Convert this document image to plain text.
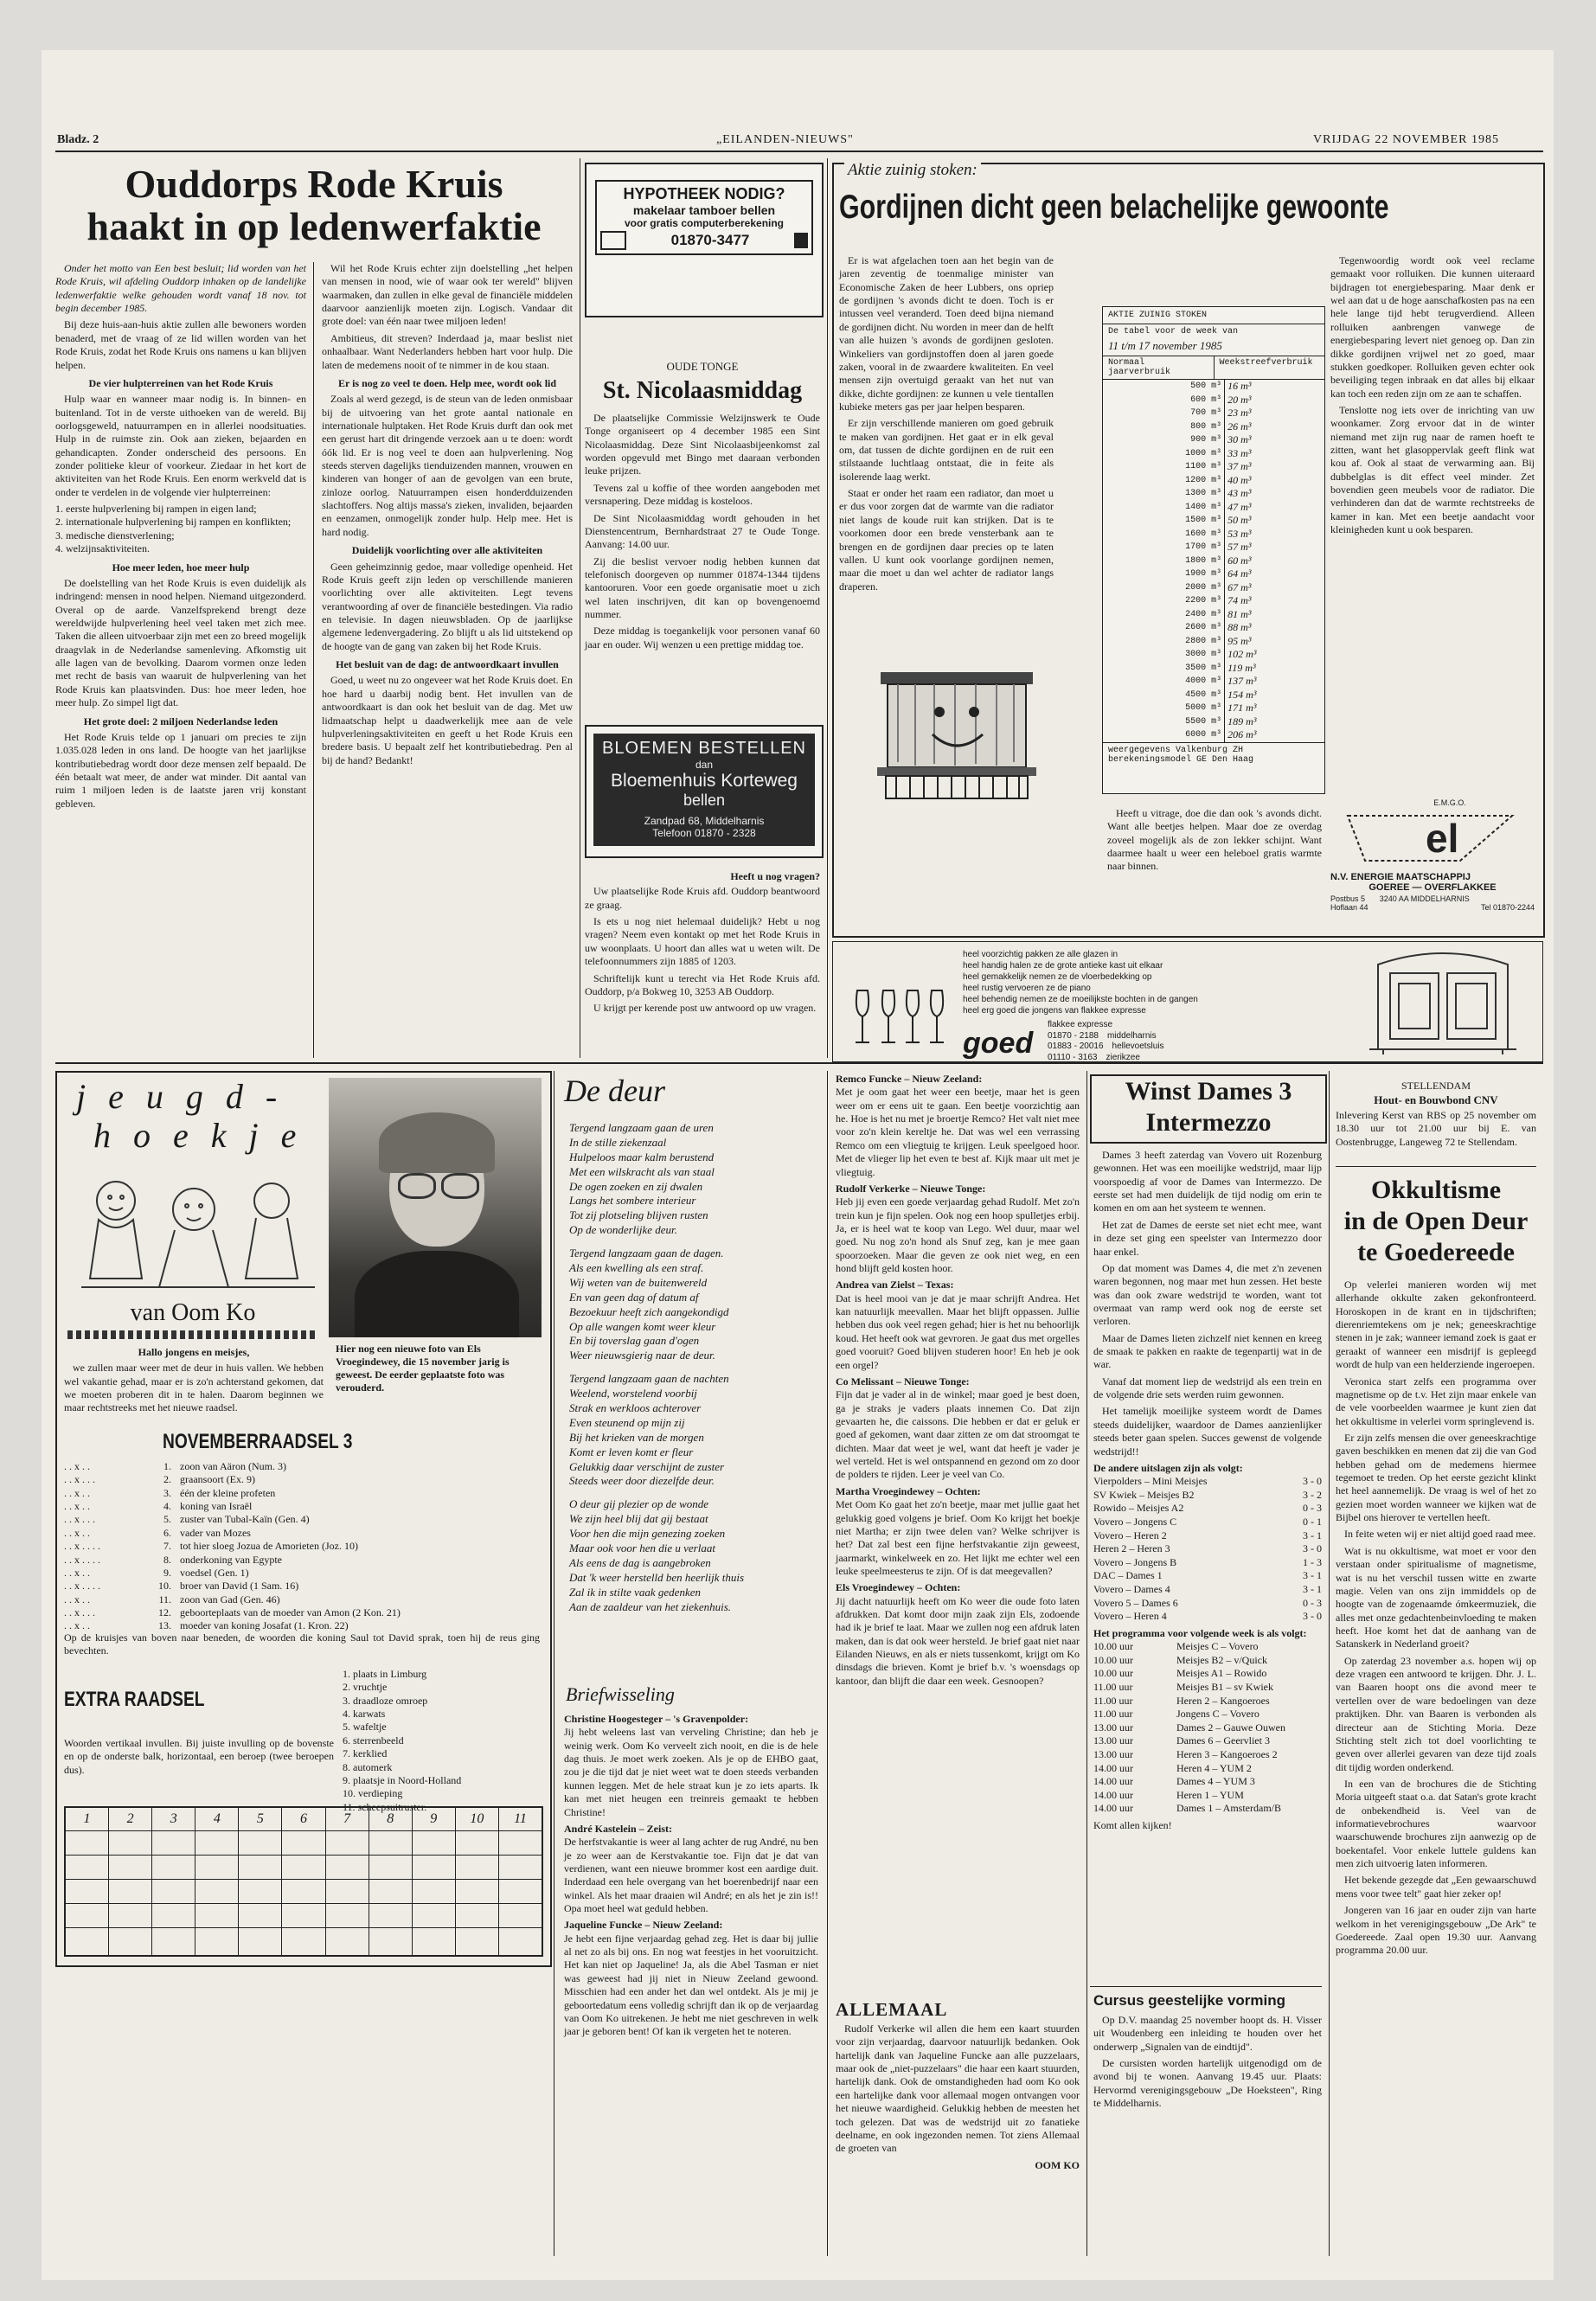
Bladz. 2	„EILANDEN-NIEUWS"	VRIJDAG 22 NOVEMBER 1985
Ouddorps Rode Kruis
haakt in op ledenwerfaktie

Onder het motto van Een best besluit; lid worden van het Rode Kruis, wil afdeling Ouddorp inhaken op de landelijke ledenwerfaktie welke gehouden wordt vanaf 18 nov. tot begin december 1985.

Bij deze huis-aan-huis aktie zullen alle bewoners worden benaderd, met de vraag of ze lid willen worden van het Rode Kruis, zodat het Rode Kruis ons namens u kan blijven helpen.

De vier hulpterreinen van het Rode Kruis

Hulp waar en wanneer maar nodig is. In binnen- en buitenland. Tot in de verste uithoeken van de wereld. Bij oorlogsgeweld, natuurrampen en in allerlei noodsituaties. Hulp in de ruimste zin. Ook aan zieken, bejaarden en gehandicapten. Zonder onderscheid des persoons. En zonder politieke kleur of voorkeur. Ziedaar in het kort de aktiviteiten van het Rode Kruis. Een enorm werkveld dat is onder te verdelen in de volgende vier hulpterreinen:

1. eerste hulpverlening bij rampen in eigen land;
2. internationale hulpverlening bij rampen en konflikten;
3. medische dienstverlening;
4. welzijnsaktiviteiten.
Hoe meer leden, hoe meer hulp

De doelstelling van het Rode Kruis is even duidelijk als indringend: mensen in nood helpen. Niemand uitgezonderd. Overal op de aarde. Vanzelfsprekend brengt deze wereldwijde hulpverlening heel veel taken met zich mee. Taken die alleen uitvoerbaar zijn met een zo breed mogelijk draagvlak in de Nederlandse samenleving. Afkomstig uit alle lagen van de bevolking. Daarom vormen onze leden met recht de basis van waaruit de hulpverlening van het Rode Kruis kan plaatsvinden. Dus: hoe meer leden, hoe meer hulp. Zo simpel ligt dat.

Het grote doel: 2 miljoen Nederlandse leden

Het Rode Kruis telde op 1 januari om precies te zijn 1.035.028 leden in ons land. De hoogte van het jaarlijkse kontributiebedrag wordt door deze mensen zelf bepaald. De één betaalt wat meer, de ander wat minder. Dit aantal van ruim 1 miljoen leden is de laatste jaren vrij konstant gebleven.

Wil het Rode Kruis echter zijn doelstelling „het helpen van mensen in nood, wie of waar ook ter wereld" blijven waarmaken, dan zullen in elke geval de financiële middelen daarvoor aanzienlijk moeten zijn. Logisch. Vandaar dit grote doel: van één naar twee miljoen leden!

Ambitieus, dit streven? Inderdaad ja, maar beslist niet onhaalbaar. Want Nederlanders hebben hart voor hulp. Die laten de medemens nooit of te nimmer in de kou staan.

Er is nog zo veel te doen. Help mee, wordt ook lid

Zoals al werd gezegd, is de steun van de leden onmisbaar bij de uitvoering van het grote aantal nationale en internationale hulptaken. Het Rode Kruis durft dan ook met een gerust hart dit dringende verzoek aan u te doen: wordt óók lid. Er is nog veel te doen aan hulpverlening. Nog steeds sterven dagelijks tienduizenden mannen, vrouwen en kinderen van honger of aan de gevolgen van een brute, zinloze oorlog. Natuurrampen eisen honderdduizenden slachtoffers. Nog altijs massa's zieken, invaliden, bejaarden en eenzamen, onmogelijk zonder hulp. Help mee. Het is hard nodig.

Duidelijk voorlichting over alle aktiviteiten

Geen geheimzinnig gedoe, maar volledige openheid. Het Rode Kruis geeft zijn leden op verschillende manieren voorlichting over alle aktiviteiten. Legt tevens verantwoording af over de financiële bestedingen. Via radio en televisie. In dagen nieuwsbladen. Op de jaarlijkse algemene ledenvergadering. Zo blijft u als lid uitstekend op de hoogte van de gang van zaken bij het Rode Kruis.

Het besluit van de dag: de antwoordkaart invullen

Goed, u weet nu zo ongeveer wat het Rode Kruis doet. En hoe hard u daarbij nodig bent. Het invullen van de antwoordkaart is dan ook het besluit van de dag. Met uw lidmaatschap helpt u daadwerkelijk mee aan de vele hulpverleningsaktiviteiten en geeft u het Rode Kruis een bredere basis. U bepaalt zelf het kontributiebedrag. Pen al bij de hand? Bedankt!

HYPOTHEEK NODIG?
makelaar tamboer bellen
voor gratis computerberekening
01870-3477
OUDE TONGE
St. Nicolaasmiddag

De plaatselijke Commissie Welzijnswerk te Oude Tonge organiseert op 4 december 1985 een Sint Nicolaasmiddag. Deze Sint Nicolaasbijeenkomst zal worden opgevuld met Bingo met daaraan verbonden leuke prijzen.

Tevens zal u koffie of thee worden aangeboden met versnapering. Deze middag is kosteloos.

De Sint Nicolaasmiddag wordt gehouden in het Dienstencentrum, Bernhardstraat 27 te Oude Tonge. Aanvang: 14.00 uur.

Zij die beslist vervoer nodig hebben kunnen dat telefonisch doorgeven op nummer 01874-1344 tijdens kantooruren. Voor een goede organisatie moet u zich wel laten inschrijven, dit kan op bovengenoemd nummer.

Deze middag is toegankelijk voor personen vanaf 60 jaar en ouder. Wij wenzen u een prettige middag toe.

BLOEMEN BESTELLEN
dan
Bloemenhuis Korteweg
bellen
Zandpad 68, Middelharnis
Telefoon 01870 - 2328
Heeft u nog vragen?

Uw plaatselijke Rode Kruis afd. Ouddorp beantwoord ze graag.

Is ets u nog niet helemaal duidelijk? Hebt u nog vragen? Neem even kontakt op met het Rode Kruis in uw woonplaats. U hoort dan alles wat u weten wilt. De telefoonnummers zijn 1885 of 1203.

Schriftelijk kunt u terecht via Het Rode Kruis afd. Ouddorp, p/a Bokweg 10, 3253 AB Ouddorp.

U krijgt per kerende post uw antwoord op uw vragen.

Aktie zuinig stoken:
Gordijnen dicht geen belachelijke gewoonte

Er is wat afgelachen toen aan het begin van de jaren zeventig de toenmalige minister van Economische Zaken de heer Lubbers, ons opriep de gordijnen 's avonds dicht te doen. Toch is er intussen veel veranderd. Toen deed bijna niemand de gordijnen dicht. Nu worden in meer dan de helft van alle huizen 's avonds de gordijnen gesloten. Winkeliers van gordijnstoffen doen al jaren goede zaken, vooral in de zwaardere kwaliteiten. En veel mensen zijn overtuigd geraakt van het nut van dikke, dichte gordijnen: ze kunnen u vele tientallen kubieke meters gas per jaar helpen besparen.

Er zijn verschillende manieren om goed gebruik te maken van gordijnen. Het gaat er in elk geval om, dat tussen de dichte gordijnen en de ruit een stilstaande luchtlaag ontstaat, die in feite als isolerende laag werkt.

Staat er onder het raam een radiator, dan moet u er dus voor zorgen dat de warmte van die radiator niet langs de koude ruit kan strijken. Dat is te voorkomen door een brede vensterbank aan te brengen en de gordijnen daar precies op te laten vallen. U kunt ook voorlange gordijnen nemen, maar die moet u dan wel achter de radiator langs draperen.

Heeft u vitrage, doe die dan ook 's avonds dicht. Want alle beetjes helpen. Maar doe ze overdag zoveel mogelijk als de zon lekker schijnt. Want daarmee haalt u weer een heleboel gratis warmte naar binnen.

AKTIE ZUINIG STOKEN
De tabel voor de week van
11 t/m 17 november 1985
Normaal jaarverbruik
Weekstreefverbruik
500 m³	16 m³
600 m³	20 m³
700 m³	23 m³
800 m³	26 m³
900 m³	30 m³
1000 m³	33 m³
1100 m³	37 m³
1200 m³	40 m³
1300 m³	43 m³
1400 m³	47 m³
1500 m³	50 m³
1600 m³	53 m³
1700 m³	57 m³
1800 m³	60 m³
1900 m³	64 m³
2000 m³	67 m³
2200 m³	74 m³
2400 m³	81 m³
2600 m³	88 m³
2800 m³	95 m³
3000 m³	102 m³
3500 m³	119 m³
4000 m³	137 m³
4500 m³	154 m³
5000 m³	171 m³
5500 m³	189 m³
6000 m³	206 m³
weergegevens Valkenburg ZH
berekeningsmodel GE Den Haag

Tegenwoordig wordt ook veel reclame gemaakt voor rolluiken. Die kunnen uiteraard bijdragen tot energiebesparing. Maar denk er wel aan dat u de hoge aanschafkosten pas na een hele lange tijd hebt terugverdiend. Alleen rolluiken aanbrengen vanwege de energiebesparing levert niet genoeg op. Dan zin dikke gordijnen vrijwel net zo goed, maar stukken goedkoper. Rolluiken geven echter ook beveiliging tegen inbraak en dat alles bij elkaar kan toch een reden zijn om ze aan te schaffen.

Tenslotte nog iets over de inrichting van uw woonkamer. Zorg ervoor dat in de winter niemand met zijn rug naar de ramen hoeft te zitten, want het glasoppervlak geeft flink wat kou af. Ook al staat de verwarming aan. Bij dubbelglas is dit effect veel minder. Zet bovendien geen meubels voor de radiator. Die verhinderen dan dat de warmte rechtstreeks de kamer in kan. Met een beetje aandacht voor kleinigheden kunt u ook besparen.

E.M.G.O.
el
N.V. ENERGIE MAATSCHAPPIJ
GOEREE — OVERFLAKKEE
Postbus 5
Hoflaan 44
3240 AA MIDDELHARNIS
Tel 01870-2244
heel voorzichtig pakken ze alle glazen in
heel handig halen ze de grote antieke kast uit elkaar
heel gemakkelijk nemen ze de vloerbedekking op
heel rustig vervoeren ze de piano
heel behendig nemen ze de moeilijkste bochten in de gangen
heel erg goed die jongens van flakkee expresse
goed
flakkee expresse
01870 - 2188 middelharnis
01883 - 20016 hellevoetsluis
01110 - 3163 zierikzee
j e u g d -
h o e k j e
van Oom Ko
Hallo jongens en meisjes,

we zullen maar weer met de deur in huis vallen. We hebben wel vakantie gehad, maar er is zo'n achterstand gekomen, dat we moeten proberen dit in te halen. Daarom beginnen we maar rechtstreeks met het nieuwe raadsel.

Hier nog een nieuwe foto van Els Vroegindewey, die 15 november jarig is geweest. De eerder geplaatste foto was verouderd.
NOVEMBERRAADSEL 3
. . x . .	1. zoon van Aäron (Num. 3)
. . x . . .	2. graansoort (Ex. 9)
. . x . .	3. één der kleine profeten
. . x . .	4. koning van Israël
. . x . . .	5. zuster van Tubal-Kaïn (Gen. 4)
. . x . .	6. vader van Mozes
. . x . . . .	7. tot hier sloeg Jozua de Amorieten (Joz. 10)
. . x . . . .	8. onderkoning van Egypte
. . x . .	9. voedsel (Gen. 1)
. . x . . . .	10. broer van David (1 Sam. 16)
. . x . .	11. zoon van Gad (Gen. 46)
. . x . . .	12. geboorteplaats van de moeder van Amon (2 Kon. 21)
. . x . .	13. moeder van koning Josafat (1. Kron. 22)
Op de kruisjes van boven naar beneden, de woorden die koning Saul tot David sprak, toen hij de reus ging bevechten.
EXTRA RAADSEL
Woorden vertikaal invullen. Bij juiste invulling op de bovenste en op de onderste balk, horizontaal, een beroep (twee beroepen dus).
1. plaats in Limburg
2. vruchtje
3. draadloze omroep
4. karwats
5. wafeltje
6. sterrenbeeld
7. kerklied
8. automerk
9. plaatsje in Noord-Holland
10. verdieping
11. scheepsuitruster.
1	2	3	4	5	6	7	8	9	10	11
De deur

Tergend langzaam gaan de uren
In de stille ziekenzaal
Hulpeloos maar kalm berustend
Met een wilskracht als van staal
De ogen zoeken en zij dwalen
Langs het sombere interieur
Tot zij plotseling blijven rusten
Op de wonderlijke deur.

Tergend langzaam gaan de dagen.
Als een kwelling als een straf.
Wij weten van de buitenwereld
En van geen dag of datum af
Bezoekuur heeft zich aangekondigd
Op alle wangen komt weer kleur
En bij toverslag gaan d'ogen
Weer nieuwsgierig naar de deur.

Tergend langzaam gaan de nachten
Weelend, worstelend voorbij
Strak en werkloos achterover
Even steunend op mijn zij
Bij het krieken van de morgen
Komt er leven komt er fleur
Gelukkig daar verschijnt de zuster
Steeds weer door diezelfde deur.

O deur gij plezier op de wonde
We zijn heel blij dat gij bestaat
Voor hen die mijn genezing zoeken
Maar ook voor hen die u verlaat
Als eens de dag is aangebroken
Dat 'k weer herstelld ben heerlijk thuis
Zal ik in stilte vaak gedenken
Aan de zaaldeur van het ziekenhuis.

Briefwisseling
Christine Hoogesteger – 's Gravenpolder:

Jij hebt weleens last van verveling Christine; dan heb je weinig werk. Oom Ko verveelt zich nooit, en die is de hele dag thuis. Je moet werk zoeken. Als je op de EHBO gaat, zou je die tijd dat je niet weet wat te doen steeds verbanden kunnen leggen. Met de hele straat kun je zo iets aparts. Ik kan met niet heugen een treinreis gemaakt te hebben Christine!

André Kastelein – Zeist:

De herfstvakantie is weer al lang achter de rug André, nu ben je zo weer aan de Kerstvakantie toe. Fijn dat je dat van verdienen, want een nieuwe brommer kost een aardige duit. Inderdaad een hele overgang van het boerenbedrijf naar een winkel. Als het maar draaien wil André; en als het je zin is!! Opa moet heel wat geduld hebben.

Jaqueline Funcke – Nieuw Zeeland:

Je hebt een fijne verjaardag gehad zeg. Het is daar bij jullie al net zo als bij ons. En nog wat feestjes in het vooruitzicht. Het kan niet op Jaqueline! Ja, als die Abel Tasman er niet was geweest had jij niet in Nieuw Zeeland gewoond. Misschien had een ander het dan wel ontdekt. Als je mij je geboortedatum eens volledig schrijft dan ik op de verjaardag van Oom Ko uitrekenen. Je hebt me niet geschreven in welk jaar je geboren bent! Of kan ik vergeten het te noteren.

Remco Funcke – Nieuw Zeeland:

Met je oom gaat het weer een beetje, maar het is geen weer om er eens uit te gaan. Een beetje voorzichtig aan he. Hoe is het nu met je broertje Remco? Het valt niet mee voor zo'n klein kereltje he. Dat was wel een verrassing Remco om een vliegtuig te krijgen. Leuk speelgoed hoor. Met de vlieger lip het even te best af. Kijk maar uit met je vliegtuig.

Rudolf Verkerke – Nieuwe Tonge:

Heb jij even een goede verjaardag gehad Rudolf. Met zo'n trein kun je fijn spelen. Ook nog een hoop spulletjes erbij. Ja, er is heel wat te koop van Lego. Wel duur, maar wel goed. Nu nog zo'n hond als Snuf zeg, kan je mee gaan spoorzoeken. Maar die geven ze ook niet weg, en een hond blijft geld kosten hoor.

Andrea van Zielst – Texas:

Dat is heel mooi van je dat je maar schrijft Andrea. Het kan natuurlijk meevallen. Maar het blijft oppassen. Jullie hebben dus ook veel regen gehad; hier is het nu behoorlijk koud. Het heeft ook wat gevroren. Je gaat dus met orgelles goed vooruit? Goed blijven studeren hoor! En heb je ook een orgel?

Co Melissant – Nieuwe Tonge:

Fijn dat je vader al in de winkel; maar goed je best doen, ga je straks je vaders plaats innemen Co. Dat zijn gevaarten he, die caissons. Die hebben er dat er geluk er goed af gekomen, want daar zitten ze om dat stroomgat te dichten. Maar dat weet je wel, want dat heeft je vader je wel verteld. Het is wel ontspannend en gezond om zo door de polders te rijden. Leer je veel van Co.

Martha Vroegindewey – Ochten:

Met Oom Ko gaat het zo'n beetje, maar met jullie gaat het gelukkig goed volgens je brief. Oom Ko krijgt het boekje niet Martha; er zijn twee delen van? Welke schrijver is het? Dat zal best een fijne herfstvakantie zijn geweest, jaarmarkt, winkelweek en zo. Het lijkt me echter wel een leuke speelmeesterus te zijn. Of is dat meegevallen?

Els Vroegindewey – Ochten:

Jij dacht natuurlijk heeft om Ko weer die oude foto laten afdrukken. Dat komt door mijn zaak zijn Els, zodoende had ik je brief te laat. Maar we zullen nog een afdruk laten maken, dan is dat ook weer hersteld. Je brief gaat niet naar Eilanden Nieuws, en als er niets tussenkomt, krijgt om Ko dinsdags die brieven. Komt je brief b.v. 's woensdags op kantoor, dan blijft die daar een week. Gesnoopen?

ALLEMAAL

Rudolf Verkerke wil allen die hem een kaart stuurden voor zijn verjaardag, daarvoor natuurlijk bedanken. Ook hartelijk dank van Jaqueline Funcke aan alle puzzelaars, maar ook de „niet-puzzelaars" die haar een kaart stuurden, hartelijk dank. Ook de omstandigheden had oom Ko ook een hartelijke dank voor allemaal mogen ontvangen voor het nieuwe waardigheid. Gelukkig hebben de meesten het toch gelezen. Dat was de wedstrijd uit zo fanatieke deelname, en ook ingezonden nemen. Tot ziens Allemaal de groeten van

OOM KO
Winst Dames 3
Intermezzo

Dames 3 heeft zaterdag van Vovero uit Rozenburg gewonnen. Het was een moeilijke wedstrijd, maar lijp voorspoedig af voor de Dames van Intermezzo. De eerste set had men duidelijk de tijd nodig om erin te komen en om aan het systeem te wennen.

Het zat de Dames de eerste set niet echt mee, want in deze set ging een speelster van Intermezzo door haar enkel.

Op dat moment was Dames 4, die met z'n zevenen waren begonnen, nog maar met hun zessen. Het beste was dan ook zware wedstrijd te worden, want tot overmaat van ramp werd ook nog de eerste set verloren.

Maar de Dames lieten zichzelf niet kennen en kreeg de smaak te pakken en raakte de tegenpartij wat in de war.

Vanaf dat moment liep de wedstrijd als een trein en de volgende drie sets werden ruim gewonnen.

Het tamelijk moeilijke systeem wordt de Dames steeds duidelijker, waardoor de Dames aanzienlijker steeds beter gaan spelen. Succes gewenst de volgende wedstrijd!!

De andere uitslagen zijn als volgt:
Vierpolders – Mini Meisjes	3 - 0
SV Kwiek – Meisjes B2	3 - 2
Rowido – Meisjes A2	0 - 3
Vovero – Jongens C	0 - 1
Vovero – Heren 2	3 - 1
Heren 2 – Heren 3	3 - 0
Vovero – Jongens B	1 - 3
DAC – Dames 1	3 - 1
Vovero – Dames 4	3 - 1
Vovero 5 – Dames 6	0 - 3
Vovero – Heren 4	3 - 0
Het programma voor volgende week is als volgt:
10.00 uur	Meisjes C – Vovero
10.00 uur	Meisjes B2 – v/Quick
10.00 uur	Meisjes A1 – Rowido
11.00 uur	Meisjes B1 – sv Kwiek
11.00 uur	Heren 2 – Kangoeroes
11.00 uur	Jongens C – Vovero
13.00 uur	Dames 2 – Gauwe Ouwen
13.00 uur	Dames 6 – Geervliet 3
13.00 uur	Heren 3 – Kangoeroes 2
14.00 uur	Heren 4 – YUM 2
14.00 uur	Dames 4 – YUM 3
14.00 uur	Heren 1 – YUM
14.00 uur	Dames 1 – Amsterdam/B
Komt allen kijken!
Cursus geestelijke vorming

Op D.V. maandag 25 november hoopt ds. H. Visser uit Woudenberg een inleiding te houden over het onderwerp „Signalen van de eindtijd".

De cursisten worden hartelijk uitgenodigd om de avond bij te wonen. Aanvang 19.45 uur. Plaats: Hervormd verenigingsgebouw „De Hoeksteen", Ring te Middelharnis.

STELLENDAM
Hout- en Bouwbond CNV
Inlevering Kerst van RBS op 25 november om 18.30 uur tot 21.00 uur bij E. van Oostenbrugge, Langeweg 72 te Stellendam.
Okkultisme
in de Open Deur
te Goedereede

Op velerlei manieren worden wij met allerhande okkulte zaken gekonfronteerd. Horoskopen in de krant en in tijdschriften; dierenriemtekens om je nek; geneeskrachtige stenen in je zak; wanneer iemand zoek is gaat er geraakt of wanneer een misdrijf is gepleegd wordt de hulp van een helderziende ingeroepen.

Veronica start zelfs een programma over magnetisme op de t.v. Het zijn maar enkele van de vele voorbeelden waarmee je kunt zien dat het okkultisme in velerlei vorm springlevend is.

Er zijn zelfs mensen die over geneeskrachtige gaven beschikken en menen dat zij die van God hebben gehad om de medemens hiermee tegemoet te treden. Op het eerste gezicht klinkt het heel aannemelijk. De vraag is wel of het zo gezien moet worden wanneer we kijken wat de Bijbel ons hierover te vertellen heeft.

In feite weten wij er niet altijd goed raad mee.

Wat is nu okkultisme, wat moet er voor den verstaan onder spiritualisme of magnetisme, wat is nu het verschil tussen witte en zwarte magie. Velen van ons zijn immiddels op de hoogte van de zogenaamde ómkeermuziek, die alles met onze gedachtenbeinvloeding te maken heeft. Hoe komt het dat de aanhang van de Satanskerk in Nederland groeit?

Op zaterdag 23 november a.s. hopen wij op deze vragen een antwoord te krijgen. Dhr. J. L. van Baaren hoopt ons die avond meer te vertellen over de ware bedoelingen van deze praktijken. Dhr. van Baaren is verbonden als directeur aan de Stichting Moria. Deze Stichting stelt zich tot doel voorlichting te geven over allerlei gevaren van deze tijd zoals dit tijdig worden onderkend.

In een van de brochures die de Stichting Moria uitgeeft staat o.a. dat Satan's grote kracht de onbekendheid is. Veel van de informatievebrochures waarvoor waarschuwende brochures zijn aanwezig op de boekentafel. Voor enkele luttele guldens kan men zich uitvoerig laten informeren.

Het bekende gezegde dat „Een gewaarschuwd mens voor twee telt" gaat hier zeker op!

Jongeren van 16 jaar en ouder zijn van harte welkom in het verenigingsgebouw „De Ark" te Goedereede. Zaal open 19.30 uur. Aanvang programma 20.00 uur.
